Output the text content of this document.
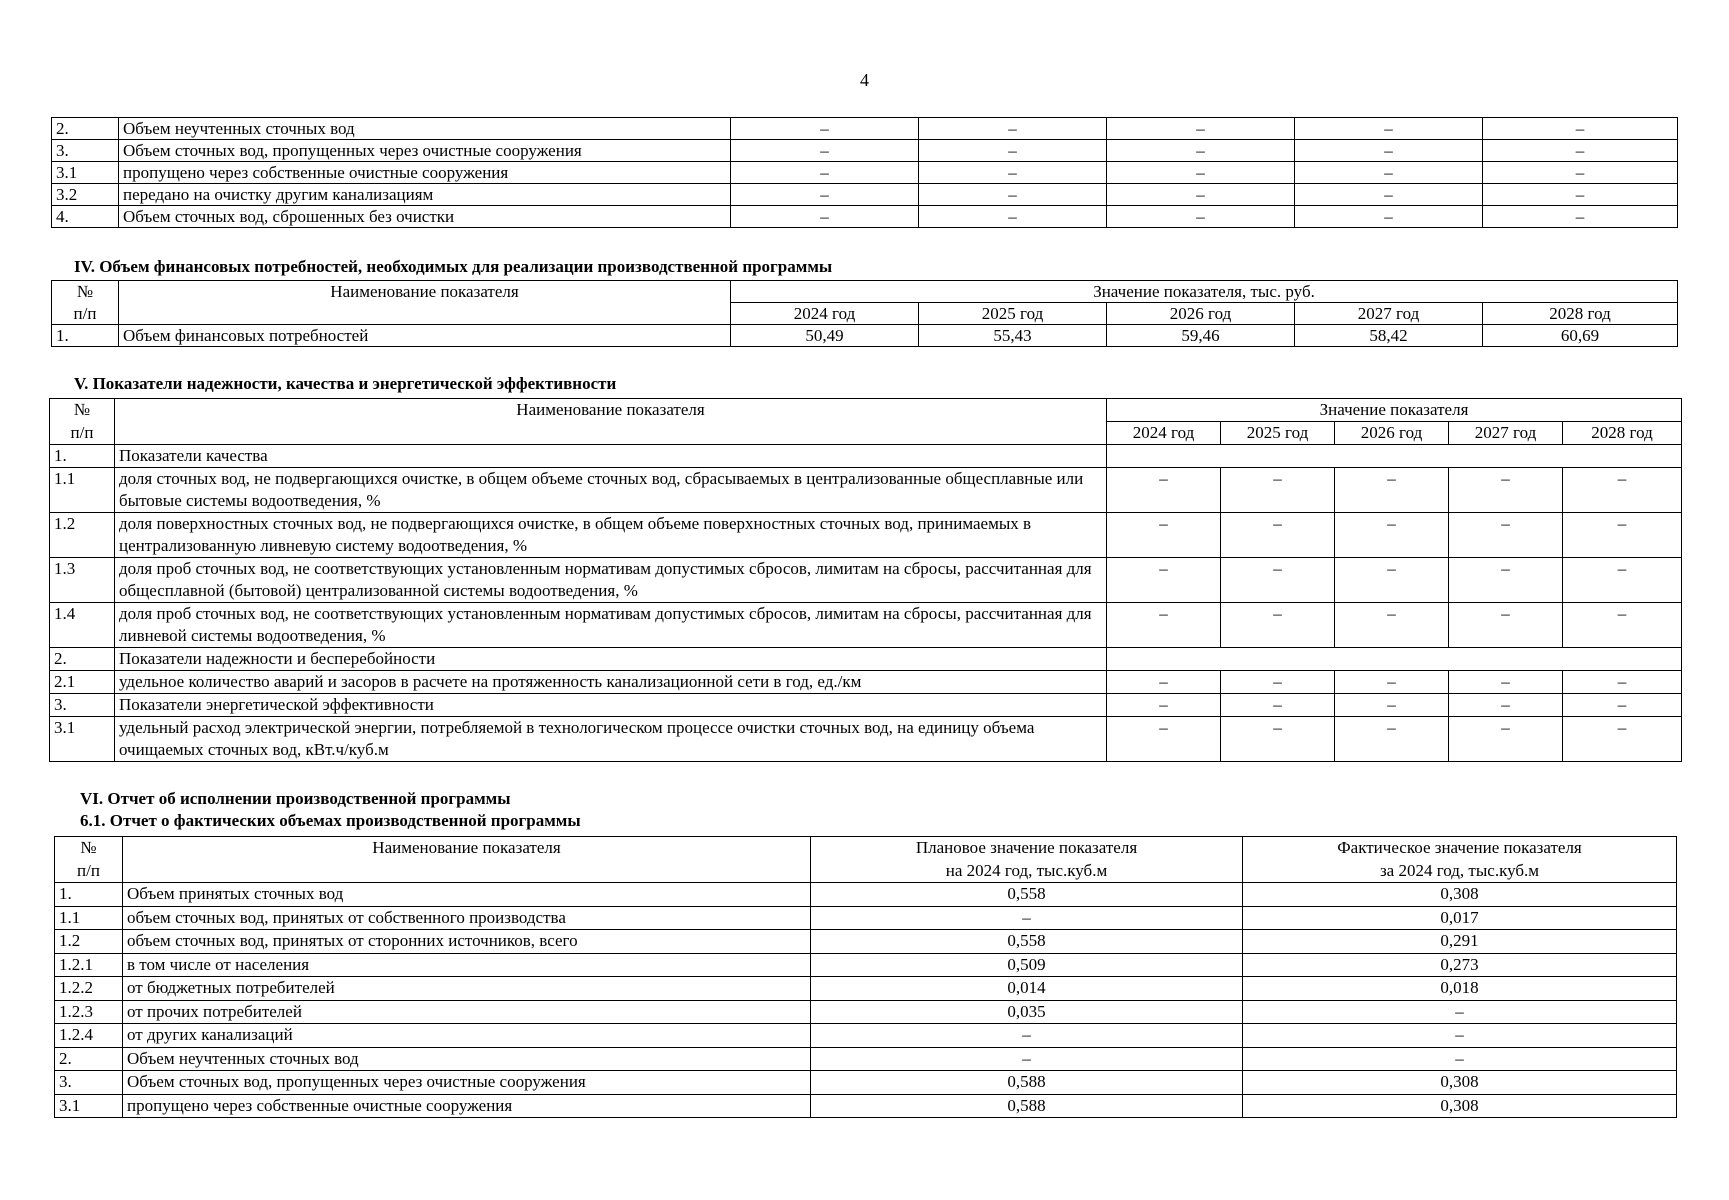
4
2.	Объем неучтенных сточных вод	–	–	–	–	–
3.	Объем сточных вод, пропущенных через очистные сооружения	–	–	–	–	–
3.1	пропущено через собственные очистные сооружения	–	–	–	–	–
3.2	передано на очистку другим канализациям	–	–	–	–	–
4.	Объем сточных вод, сброшенных без очистки	–	–	–	–	–
IV. Объем финансовых потребностей, необходимых для реализации производственной программы
№	Наименование показателя	Значение показателя, тыс. руб.				
п/п		2024 год	2025 год	2026 год	2027 год	2028 год
1.	Объем финансовых потребностей	50,49	55,43	59,46	58,42	60,69
V. Показатели надежности, качества и энергетической эффективности
№	Наименование показателя	Значение показателя				
п/п		2024 год	2025 год	2026 год	2027 год	2028 год
1.	Показатели качества					
1.1	доля сточных вод, не подвергающихся очистке, в общем объеме сточных вод, сбрасываемых в централизованные общесплавные или бытовые системы водоотведения, %	–	–	–	–	–
1.2	доля поверхностных сточных вод, не подвергающихся очистке, в общем объеме поверхностных сточных вод, принимаемых в централизованную ливневую систему водоотведения, %	–	–	–	–	–
1.3	доля проб сточных вод, не соответствующих установленным нормативам допустимых сбросов, лимитам на сбросы, рассчитанная для общесплавной (бытовой) централизованной системы водоотведения, %	–	–	–	–	–
1.4	доля проб сточных вод, не соответствующих установленным нормативам допустимых сбросов, лимитам на сбросы, рассчитанная для ливневой системы водоотведения, %	–	–	–	–	–
2.	Показатели надежности и бесперебойности					
2.1	удельное количество аварий и засоров в расчете на протяженность канализационной сети в год, ед./км	–	–	–	–	–
3.	Показатели энергетической эффективности	–	–	–	–	–
3.1	удельный расход электрической энергии, потребляемой в технологическом процессе очистки сточных вод, на единицу объема очищаемых сточных вод, кВт.ч/куб.м	–	–	–	–	–
VI. Отчет об исполнении производственной программы
6.1. Отчет о фактических объемах производственной программы
№	Наименование показателя	Плановое значение показателя	Фактическое значение показателя
п/п		на 2024 год, тыс.куб.м	за 2024 год, тыс.куб.м
1.	Объем принятых сточных вод	0,558	0,308
1.1	объем сточных вод, принятых от собственного производства	–	0,017
1.2	объем сточных вод, принятых от сторонних источников, всего	0,558	0,291
1.2.1	в том числе от населения	0,509	0,273
1.2.2	от бюджетных потребителей	0,014	0,018
1.2.3	от прочих потребителей	0,035	–
1.2.4	от других канализаций	–	–
2.	Объем неучтенных сточных вод	–	–
3.	Объем сточных вод, пропущенных через очистные сооружения	0,588	0,308
3.1	пропущено через собственные очистные сооружения	0,588	0,308
